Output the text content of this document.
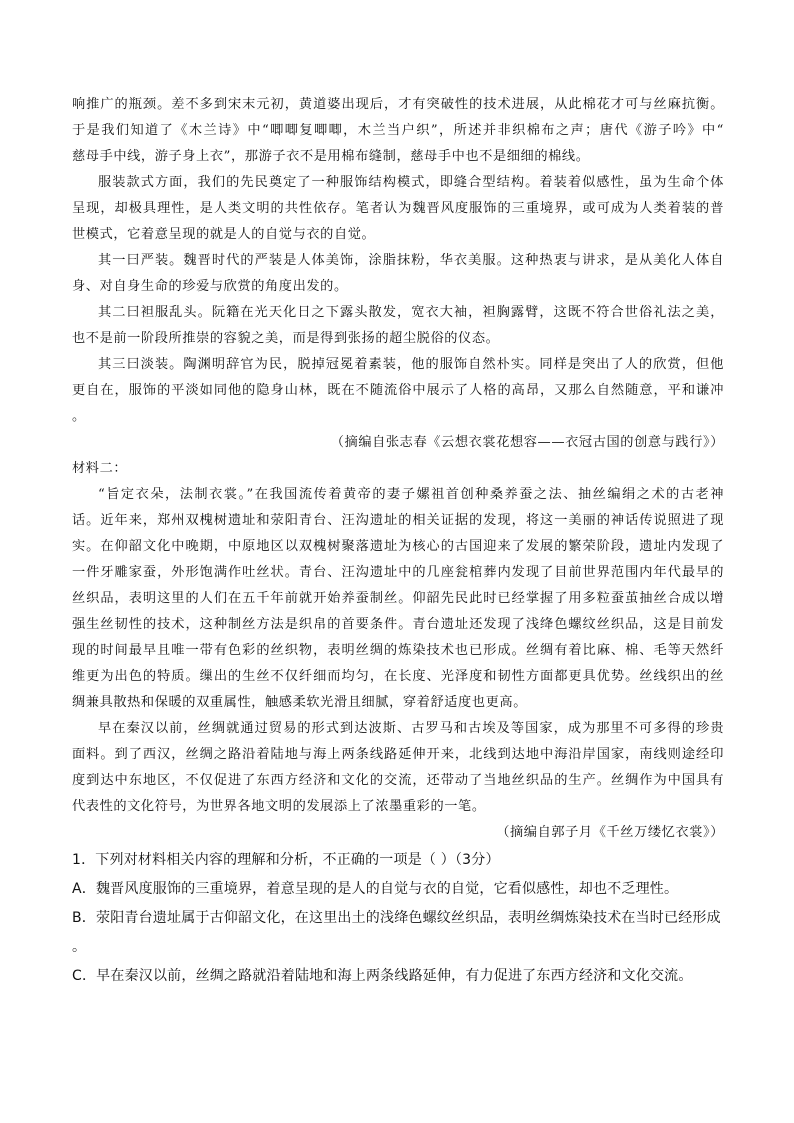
响推广的瓶颈。差不多到宋末元初，黄道婆出现后，才有突破性的技术进展，从此棉花才可与丝麻抗衡。
于是我们知道了《木兰诗》中“唧唧复唧唧，木兰当户织”，所述并非织棉布之声；唐代《游子吟》中“
慈母手中线，游子身上衣”，那游子衣不是用棉布缝制，慈母手中也不是细细的棉线。
服装款式方面，我们的先民奠定了一种服饰结构模式，即缝合型结构。着装着似感性，虽为生命个体
呈现，却极具理性，是人类文明的共性依存。笔者认为魏晋风度服饰的三重境界，或可成为人类着装的普
世模式，它着意呈现的就是人的自觉与衣的自觉。
其一曰严装。魏晋时代的严装是人体美饰，涂脂抹粉，华衣美服。这种热衷与讲求，是从美化人体自
身、对自身生命的珍爱与欣赏的角度出发的。
其二曰袒服乱头。阮籍在光天化日之下露头散发，宽衣大袖，袒胸露臂，这既不符合世俗礼法之美，
也不是前一阶段所推崇的容貌之美，而是得到张扬的超尘脱俗的仪态。
其三曰淡装。陶渊明辞官为民，脱掉冠冕着素装，他的服饰自然朴实。同样是突出了人的欣赏，但他
更自在，服饰的平淡如同他的隐身山林，既在不随流俗中展示了人格的高昂，又那么自然随意，平和谦冲
。
（摘编自张志春《云想衣裳花想容——衣冠古国的创意与践行》）
材料二：
“旨定衣朵，法制衣裳。”在我国流传着黄帝的妻子嫘祖首创种桑养蚕之法、抽丝编绢之术的古老神
话。近年来，郑州双槐树遗址和荥阳青台、汪沟遗址的相关证据的发现，将这一美丽的神话传说照进了现
实。在仰韶文化中晚期，中原地区以双槐树聚落遗址为核心的古国迎来了发展的繁荣阶段，遗址内发现了
一件牙雕家蚕，外形饱满作吐丝状。青台、汪沟遗址中的几座瓮棺葬内发现了目前世界范围内年代最早的
丝织品，表明这里的人们在五千年前就开始养蚕制丝。仰韶先民此时已经掌握了用多粒蚕茧抽丝合成以增
强生丝韧性的技术，这种制丝方法是织帛的首要条件。青台遗址还发现了浅绛色螺纹丝织品，这是目前发
现的时间最早且唯一带有色彩的丝织物，表明丝绸的炼染技术也已形成。丝绸有着比麻、棉、毛等天然纤
维更为出色的特质。缫出的生丝不仅纤细而均匀，在长度、光泽度和韧性方面都更具优势。丝线织出的丝
绸兼具散热和保暖的双重属性，触感柔软光滑且细腻，穿着舒适度也更高。
早在秦汉以前，丝绸就通过贸易的形式到达波斯、古罗马和古埃及等国家，成为那里不可多得的珍贵
面料。到了西汉，丝绸之路沿着陆地与海上两条线路延伸开来，北线到达地中海沿岸国家，南线则途经印
度到达中东地区，不仅促进了东西方经济和文化的交流，还带动了当地丝织品的生产。丝绸作为中国具有
代表性的文化符号，为世界各地文明的发展添上了浓墨重彩的一笔。
（摘编自郭子月《千丝万缕忆衣裳》）
1．下列对材料相关内容的理解和分析，不正确的一项是（ ）（3分）
A．魏晋风度服饰的三重境界，着意呈现的是人的自觉与衣的自觉，它看似感性，却也不乏理性。
B．荥阳青台遗址属于古仰韶文化，在这里出土的浅绛色螺纹丝织品，表明丝绸炼染技术在当时已经形成
。
C．早在秦汉以前，丝绸之路就沿着陆地和海上两条线路延伸，有力促进了东西方经济和文化交流。
